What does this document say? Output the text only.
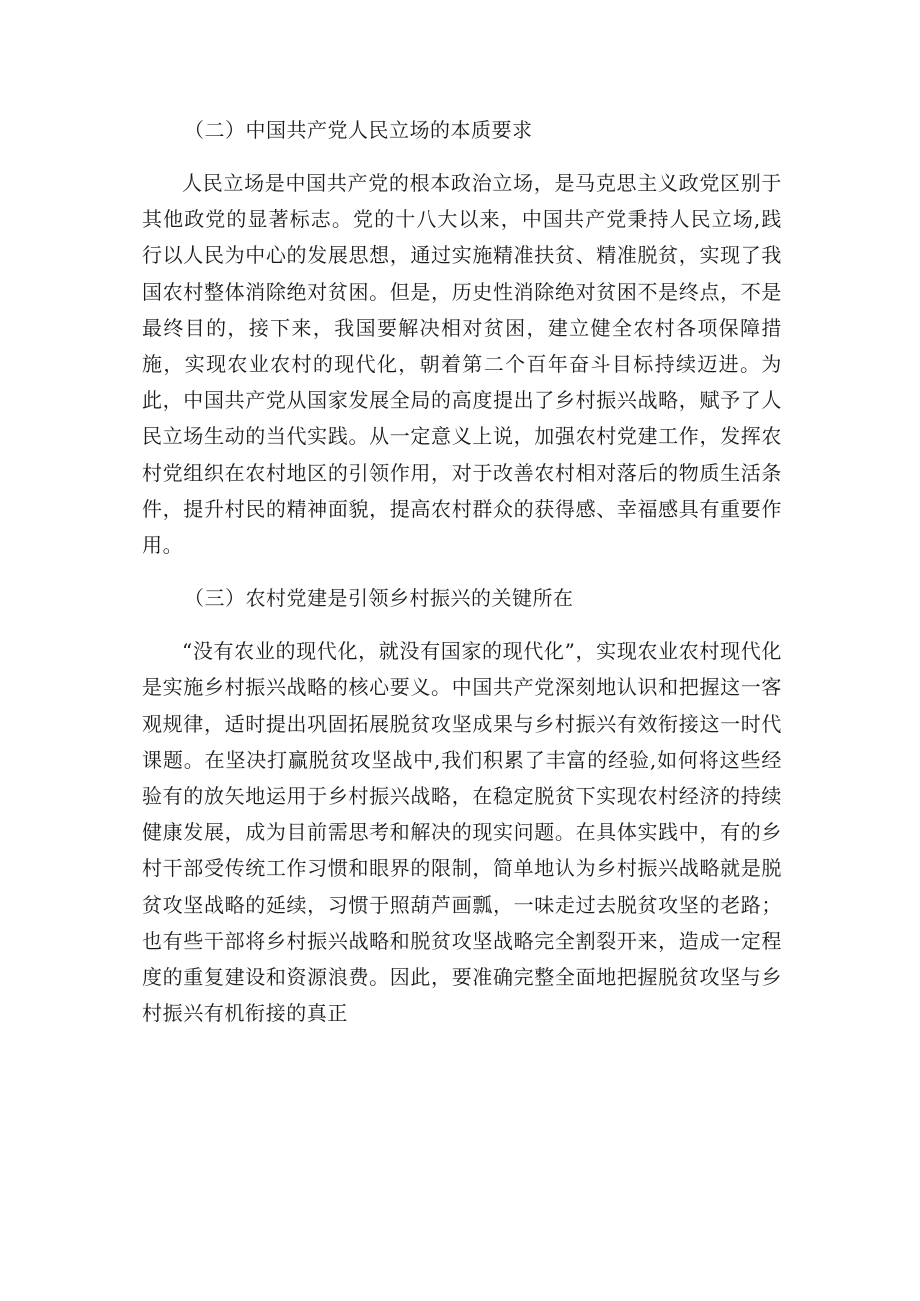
（二）中国共产党人民立场的本质要求

人民立场是中国共产党的根本政治立场，是马克思主义政党区别于其他政党的显著标志。党的十八大以来，中国共产党秉持人民立场,践行以人民为中心的发展思想，通过实施精准扶贫、精准脱贫，实现了我国农村整体消除绝对贫困。但是，历史性消除绝对贫困不是终点，不是最终目的，接下来，我国要解决相对贫困，建立健全农村各项保障措施，实现农业农村的现代化，朝着第二个百年奋斗目标持续迈进。为此，中国共产党从国家发展全局的高度提出了乡村振兴战略，赋予了人民立场生动的当代实践。从一定意义上说，加强农村党建工作，发挥农村党组织在农村地区的引领作用，对于改善农村相对落后的物质生活条件，提升村民的精神面貌，提高农村群众的获得感、幸福感具有重要作用。

（三）农村党建是引领乡村振兴的关键所在

“没有农业的现代化，就没有国家的现代化”，实现农业农村现代化是实施乡村振兴战略的核心要义。中国共产党深刻地认识和把握这一客观规律，适时提出巩固拓展脱贫攻坚成果与乡村振兴有效衔接这一时代课题。在坚决打赢脱贫攻坚战中,我们积累了丰富的经验,如何将这些经验有的放矢地运用于乡村振兴战略，在稳定脱贫下实现农村经济的持续健康发展，成为目前需思考和解决的现实问题。在具体实践中，有的乡村干部受传统工作习惯和眼界的限制，简单地认为乡村振兴战略就是脱贫攻坚战略的延续，习惯于照葫芦画瓢，一味走过去脱贫攻坚的老路；也有些干部将乡村振兴战略和脱贫攻坚战略完全割裂开来，造成一定程度的重复建设和资源浪费。因此，要准确完整全面地把握脱贫攻坚与乡村振兴有机衔接的真正
